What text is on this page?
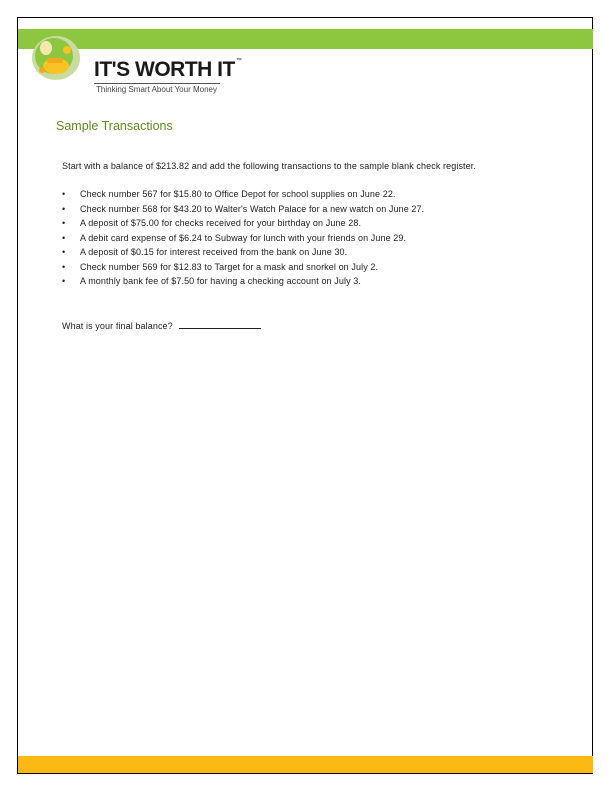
IT'S WORTH IT™
Thinking Smart About Your Money
Sample Transactions
Start with a balance of $213.82 and add the following transactions to the sample blank check register.
• Check number 567 for $15.80 to Office Depot for school supplies on June 22.
• Check number 568 for $43.20 to Walter's Watch Palace for a new watch on June 27.
• A deposit of $75.00 for checks received for your birthday on June 28.
• A debit card expense of $6.24 to Subway for lunch with your friends on June 29.
• A deposit of $0.15 for interest received from the bank on June 30.
• Check number 569 for $12.83 to Target for a mask and snorkel on July 2.
• A monthly bank fee of $7.50 for having a checking account on July 3.
What is your final balance?
